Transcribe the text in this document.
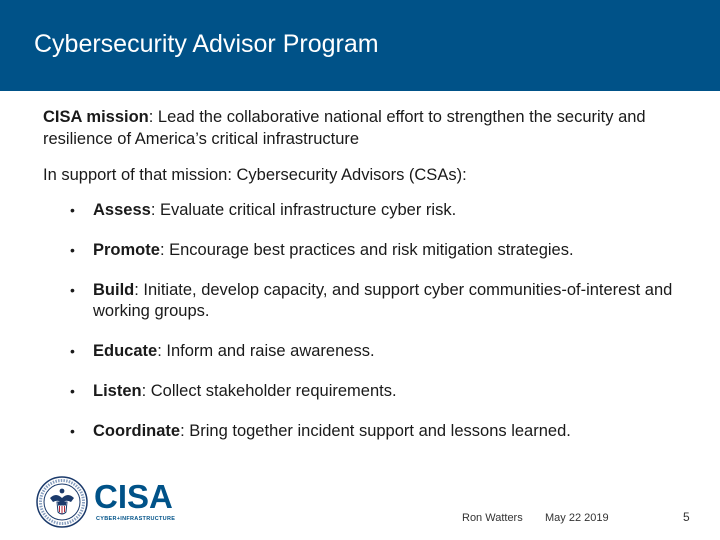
Cybersecurity Advisor Program

CISA mission: Lead the collaborative national effort to strengthen the security and resilience of America’s critical infrastructure

In support of that mission: Cybersecurity Advisors (CSAs):

• Assess: Evaluate critical infrastructure cyber risk.
• Promote: Encourage best practices and risk mitigation strategies.
• Build: Initiate, develop capacity, and support cyber communities-of-interest and working groups.
• Educate: Inform and raise awareness.
• Listen: Collect stakeholder requirements.
• Coordinate: Bring together incident support and lessons learned.
CISA
CYBER+INFRASTRUCTURE	Ron Watters May 22 2019	5
